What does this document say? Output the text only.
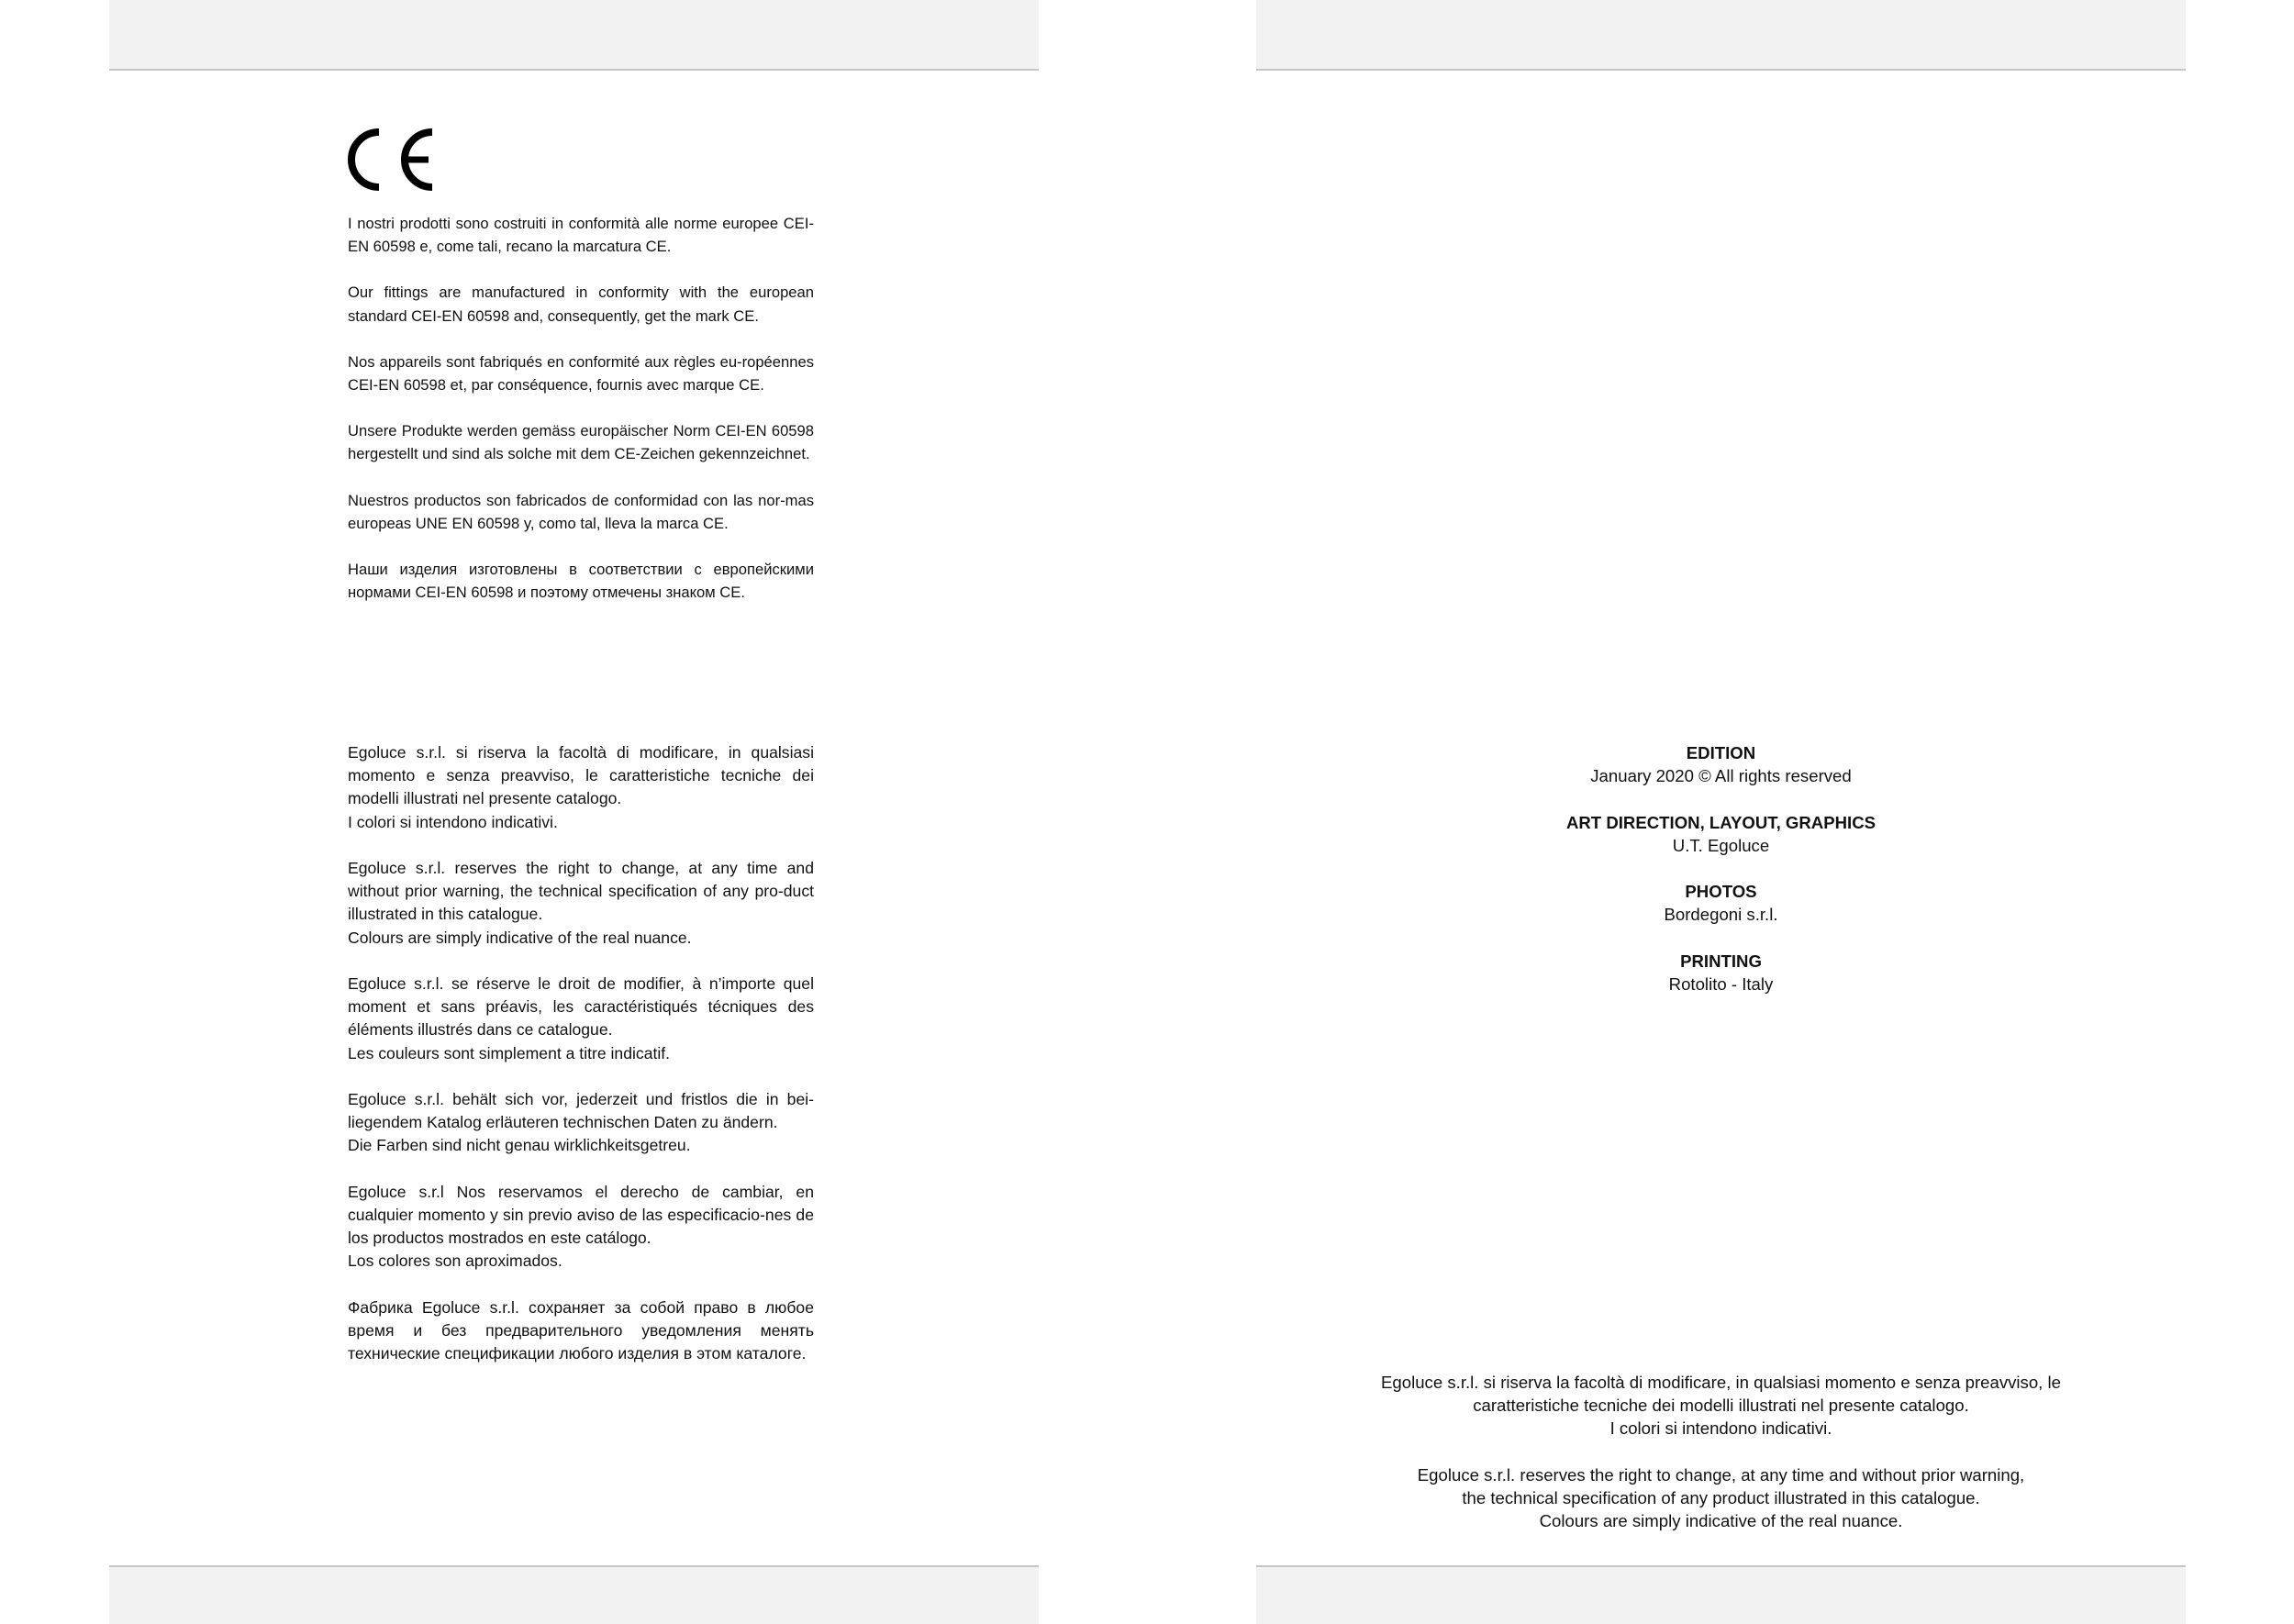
I nostri prodotti sono costruiti in conformità alle norme europee CEI-EN 60598 e, come tali, recano la marcatura CE.

Our fittings are manufactured in conformity with the european standard CEI-EN 60598 and, consequently, get the mark CE.

Nos appareils sont fabriqués en conformité aux règles eu-ropéennes CEI-EN 60598 et, par conséquence, fournis avec marque CE.

Unsere Produkte werden gemäss europäischer Norm CEI-EN 60598 hergestellt und sind als solche mit dem CE-Zeichen gekennzeichnet.

Nuestros productos son fabricados de conformidad con las nor-mas europeas UNE EN 60598 y, como tal, lleva la marca CE.

Наши изделия изготовлены в соответствии с европейскими нормами CEI-EN 60598 и поэтому отмечены знаком CE.

Egoluce s.r.l. si riserva la facoltà di modificare, in qualsiasi momento e senza preavviso, le caratteristiche tecniche dei modelli illustrati nel presente catalogo.
I colori si intendono indicativi.

Egoluce s.r.l. reserves the right to change, at any time and without prior warning, the technical specification of any pro-duct illustrated in this catalogue.
Colours are simply indicative of the real nuance.

Egoluce s.r.l. se réserve le droit de modifier, à n’importe quel moment et sans préavis, les caractéristiqués técniques des éléments illustrés dans ce catalogue.
Les couleurs sont simplement a titre indicatif.

Egoluce s.r.l. behält sich vor, jederzeit und fristlos die in bei-liegendem Katalog erläuteren technischen Daten zu ändern.
Die Farben sind nicht genau wirklichkeitsgetreu.

Egoluce s.r.l Nos reservamos el derecho de cambiar, en cualquier momento y sin previo aviso de las especificacio-nes de los productos mostrados en este catálogo.
Los colores son aproximados.

Фабрика Egoluce s.r.l. сохраняет за собой право в любое время и без предварительного уведомления менять технические спецификации любого изделия в этом каталоге.

EDITION
January 2020 © All rights reserved
ART DIRECTION, LAYOUT, GRAPHICS
U.T. Egoluce
PHOTOS
Bordegoni s.r.l.
PRINTING
Rotolito - Italy

Egoluce s.r.l. si riserva la facoltà di modificare, in qualsiasi momento e senza preavviso, le
caratteristiche tecniche dei modelli illustrati nel presente catalogo.
I colori si intendono indicativi.

Egoluce s.r.l. reserves the right to change, at any time and without prior warning,
the technical specification of any product illustrated in this catalogue.
Colours are simply indicative of the real nuance.
